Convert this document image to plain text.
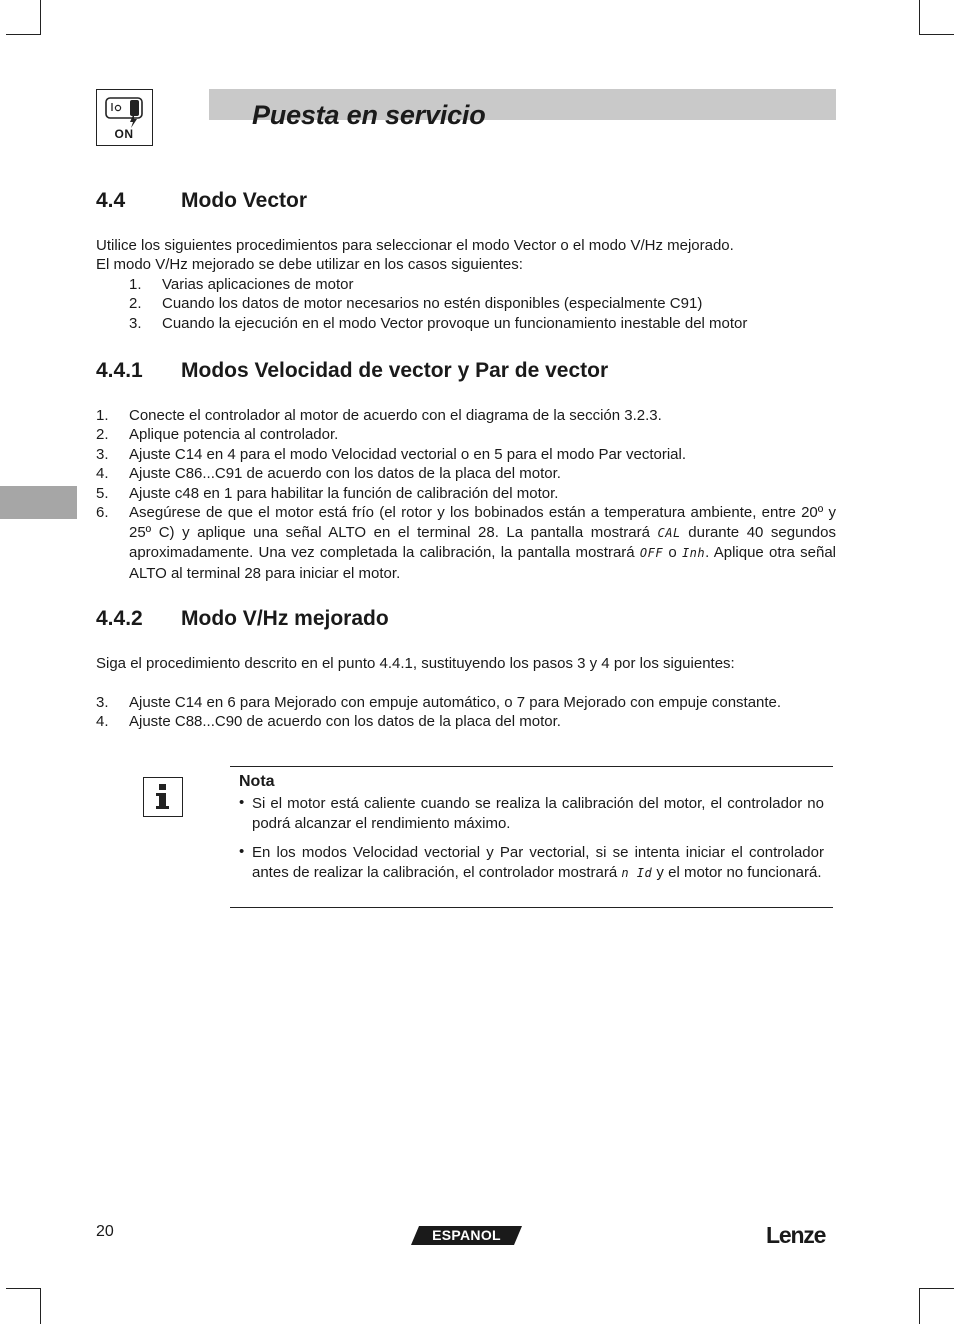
ON
Puesta en servicio
4.4	Modo Vector
Utilice los siguientes procedimientos para seleccionar el modo Vector o el modo V/Hz mejorado.
El modo V/Hz mejorado se debe utilizar en los casos siguientes:
1. Varias aplicaciones de motor
2. Cuando los datos de motor necesarios no estén disponibles (especialmente C91)
3. Cuando la ejecución en el modo Vector provoque un funcionamiento inestable del motor
4.4.1 Modos Velocidad de vector y Par de vector
1. Conecte el controlador al motor de acuerdo con el diagrama de la sección 3.2.3.
2. Aplique potencia al controlador.
3. Ajuste C14 en 4 para el modo Velocidad vectorial o en 5 para el modo Par vectorial.
4. Ajuste C86...C91 de acuerdo con los datos de la placa del motor.
5. Ajuste c48 en 1 para habilitar la función de calibración del motor.
6. Asegúrese de que el motor está frío (el rotor y los bobinados están a temperatura ambiente, entre 20º y 25º C) y aplique una señal ALTO en el terminal 28. La pantalla mostrará CAL durante 40 segundos aproximadamente. Una vez completada la calibración, la pantalla mostrará OFF o Inh. Aplique otra señal ALTO al terminal 28 para iniciar el motor.
4.4.2 Modo V/Hz mejorado
Siga el procedimiento descrito en el punto 4.4.1, sustituyendo los pasos 3 y 4 por los siguientes:
3. Ajuste C14 en 6 para Mejorado con empuje automático, o 7 para Mejorado con empuje constante.
4. Ajuste C88...C90 de acuerdo con los datos de la placa del motor.
Nota
• Si el motor está caliente cuando se realiza la calibración del motor, el controlador no podrá alcanzar el rendimiento máximo.
• En los modos Velocidad vectorial y Par vectorial, si se intenta iniciar el controlador antes de realizar la calibración, el controlador mostrará n Id y el motor no funcionará.
20	ESPANOL	Lenze
